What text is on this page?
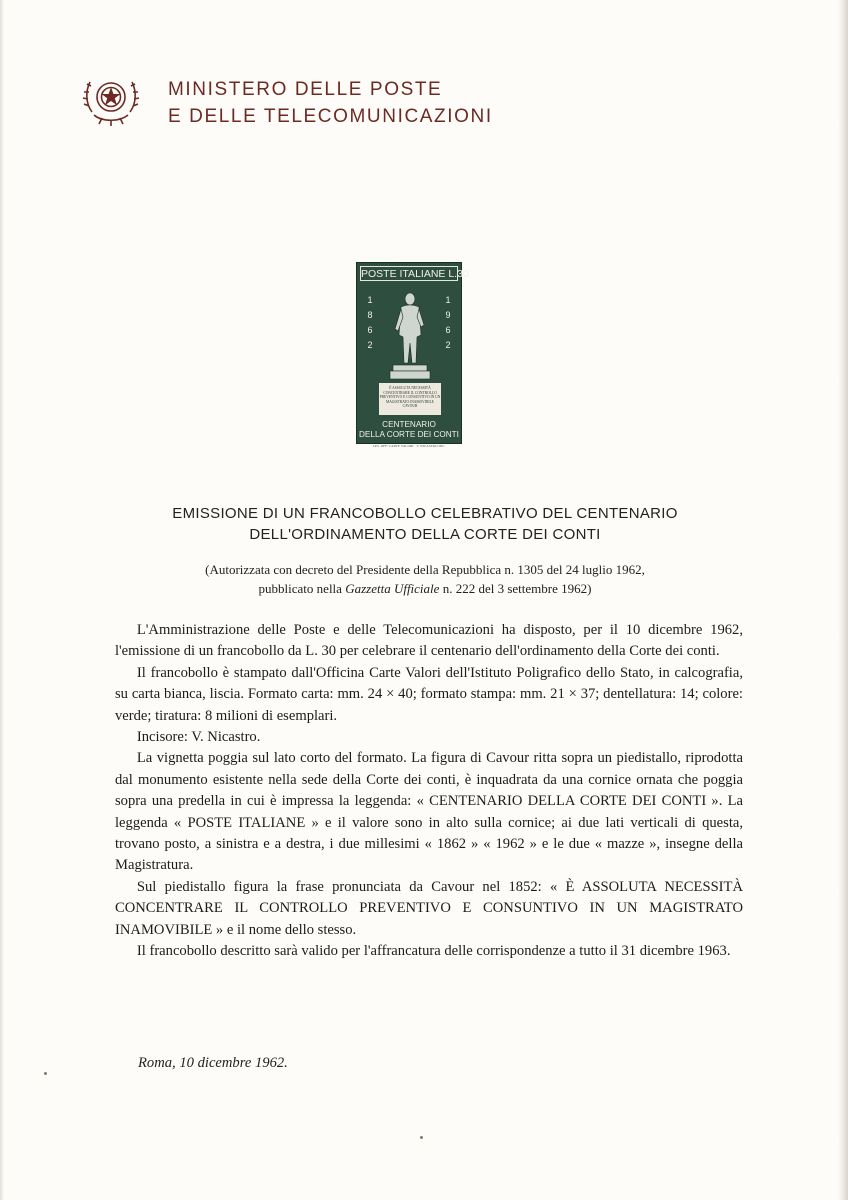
MINISTERO DELLE POSTE
E DELLE TELECOMUNICAZIONI
POSTE ITALIANE L.30
1
8
6
2
1
9
6
2
È ASSOLUTA NECESSITÀ CONCENTRARE IL CONTROLLO PREVENTIVO E CONSUNTIVO IN UN MAGISTRATO INAMOVIBILE CAVOUR
CENTENARIO
DELLA CORTE DEI CONTI
I.P.S. OFF. CARTE VALORI · V. NICASTRO INC.
EMISSIONE DI UN FRANCOBOLLO CELEBRATIVO DEL CENTENARIO
DELL'ORDINAMENTO DELLA CORTE DEI CONTI
(Autorizzata con decreto del Presidente della Repubblica n. 1305 del 24 luglio 1962,
pubblicato nella Gazzetta Ufficiale n. 222 del 3 settembre 1962)

L'Amministrazione delle Poste e delle Telecomunicazioni ha disposto, per il 10 dicembre 1962, l'emissione di un francobollo da L. 30 per celebrare il centenario dell'ordinamento della Corte dei conti.

Il francobollo è stampato dall'Officina Carte Valori dell'Istituto Poligrafico dello Stato, in calcografia, su carta bianca, liscia. Formato carta: mm. 24 × 40; formato stampa: mm. 21 × 37; dentellatura: 14; colore: verde; tiratura: 8 milioni di esemplari.

Incisore: V. Nicastro.

La vignetta poggia sul lato corto del formato. La figura di Cavour ritta sopra un piedistallo, riprodotta dal monumento esistente nella sede della Corte dei conti, è inquadrata da una cornice ornata che poggia sopra una predella in cui è impressa la leggenda: « CENTENARIO DELLA CORTE DEI CONTI ». La leggenda « POSTE ITALIANE » e il valore sono in alto sulla cornice; ai due lati verticali di questa, trovano posto, a sinistra e a destra, i due millesimi « 1862 » « 1962 » e le due « mazze », insegne della Magistratura.

Sul piedistallo figura la frase pronunciata da Cavour nel 1852: « È ASSOLUTA NECESSITÀ CONCENTRARE IL CONTROLLO PREVENTIVO E CONSUNTIVO IN UN MAGISTRATO INAMOVIBILE » e il nome dello stesso.

Il francobollo descritto sarà valido per l'affrancatura delle corrispondenze a tutto il 31 dicembre 1963.

Roma, 10 dicembre 1962.
